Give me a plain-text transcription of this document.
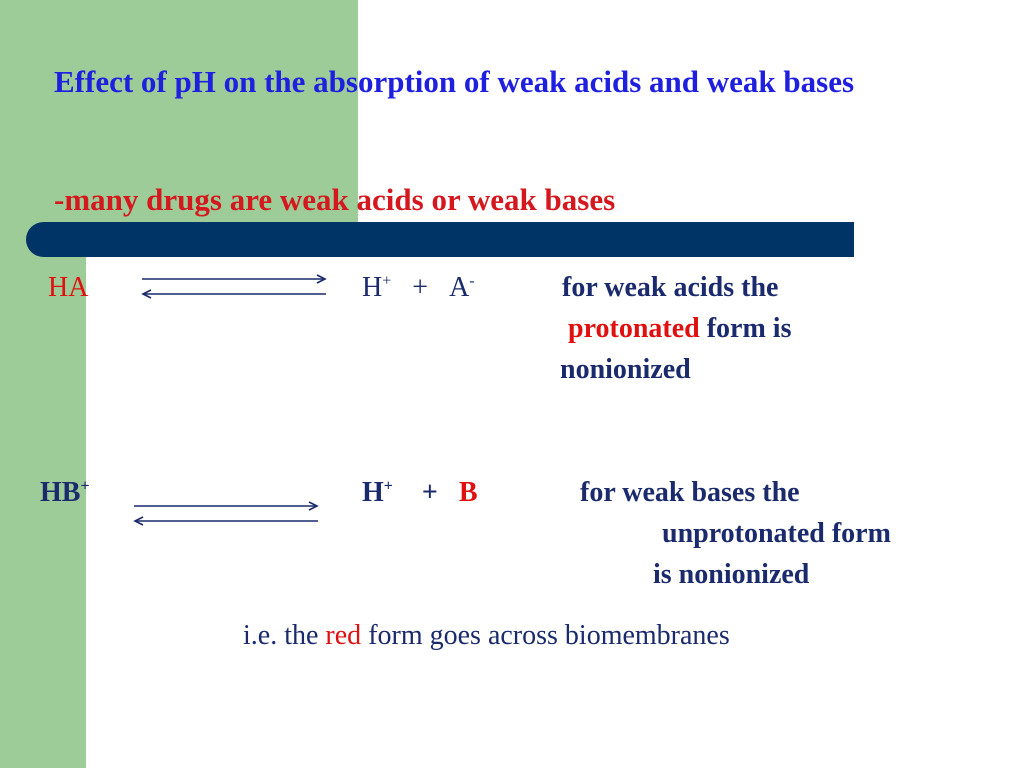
Effect of pH on the absorption of weak acids and weak bases

-many drugs are weak acids or weak bases

HA	H+ + A-	for weak acids the
protonated form is
nonionized
HB+	H+ + B	for weak bases the
unprotonated form
is nonionized
i.e. the red form goes across biomembranes
